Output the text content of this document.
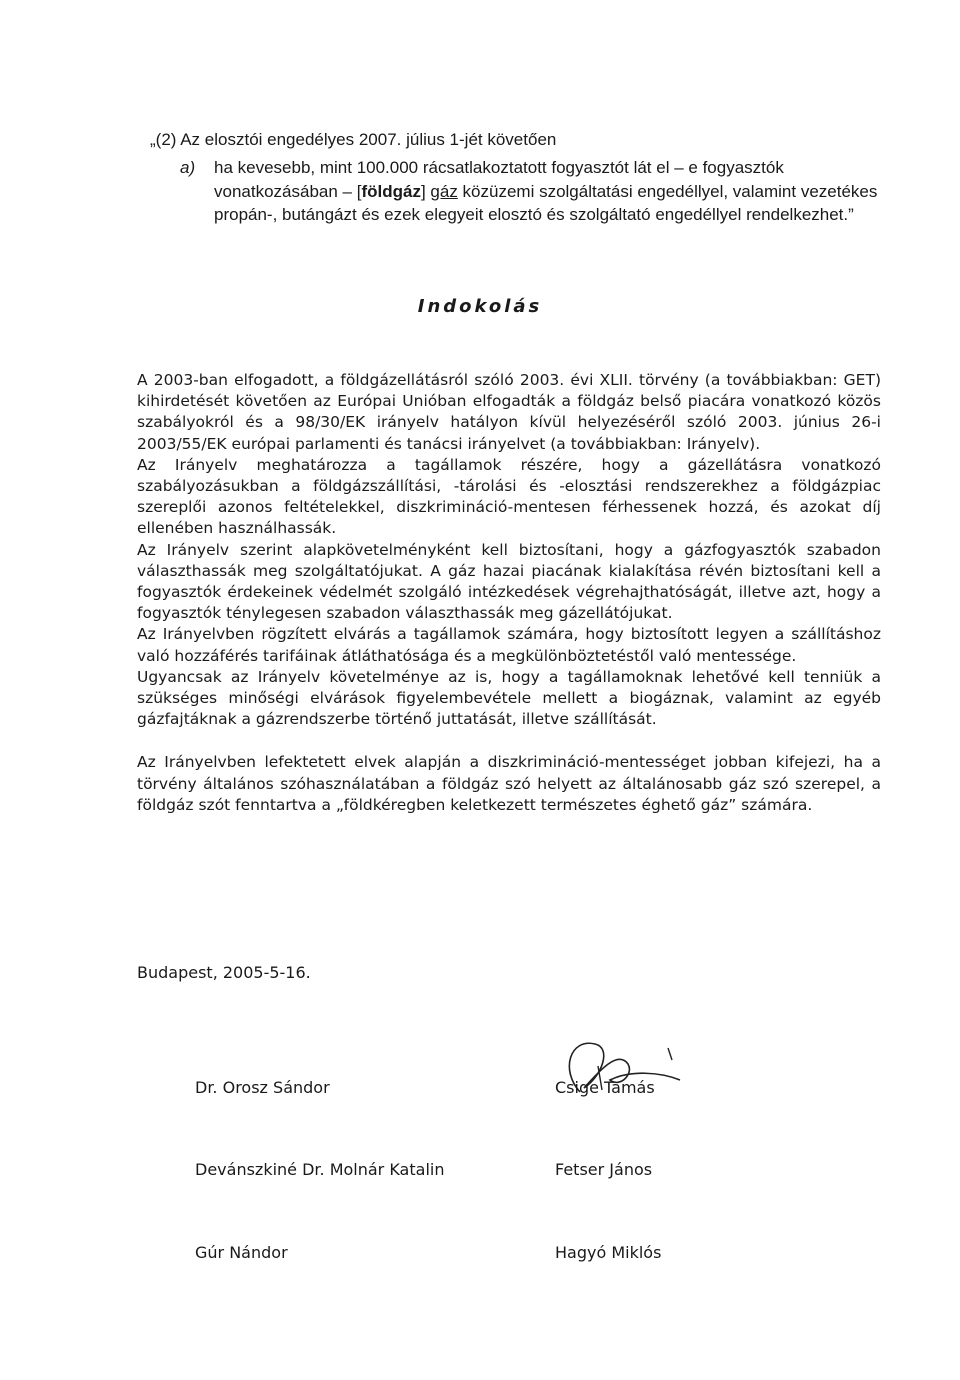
„(2) Az elosztói engedélyes 2007. július 1-jét követően

a)	ha kevesebb, mint 100.000 rácsatlakoztatott fogyasztót lát el – e fogyasztók vonatkozásában – [földgáz] gáz közüzemi szolgáltatási engedéllyel, valamint vezetékes propán-, butángázt és ezek elegyeit elosztó és szolgáltató engedéllyel rendelkezhet.”
Indokolás

A 2003-ban elfogadott, a földgázellátásról szóló 2003. évi XLII. törvény (a továbbiakban: GET) kihirdetését követően az Európai Unióban elfogadták a földgáz belső piacára vonatkozó közös szabályokról és a 98/30/EK irányelv hatályon kívül helyezéséről szóló 2003. június 26-i 2003/55/EK európai parlamenti és tanácsi irányelvet (a továbbiakban: Irányelv).

Az Irányelv meghatározza a tagállamok részére, hogy a gázellátásra vonatkozó szabályozásukban a földgázszállítási, -tárolási és -elosztási rendszerekhez a földgázpiac szereplői azonos feltételekkel, diszkrimináció-mentesen férhessenek hozzá, és azokat díj ellenében használhassák.

Az Irányelv szerint alapkövetelményként kell biztosítani, hogy a gázfogyasztók szabadon választhassák meg szolgáltatójukat. A gáz hazai piacának kialakítása révén biztosítani kell a fogyasztók érdekeinek védelmét szolgáló intézkedések végrehajthatóságát, illetve azt, hogy a fogyasztók ténylegesen szabadon választhassák meg gázellátójukat.

Az Irányelvben rögzített elvárás a tagállamok számára, hogy biztosított legyen a szállításhoz való hozzáférés tarifáinak átláthatósága és a megkülönböztetéstől való mentessége.

Ugyancsak az Irányelv követelménye az is, hogy a tagállamoknak lehetővé kell tenniük a szükséges minőségi elvárások figyelembevétele mellett a biogáznak, valamint az egyéb gázfajtáknak a gázrendszerbe történő juttatását, illetve szállítását.

Az Irányelvben lefektetett elvek alapján a diszkrimináció-mentességet jobban kifejezi, ha a törvény általános szóhasználatában a földgáz szó helyett az általánosabb gáz szó szerepel, a földgáz szót fenntartva a „földkéregben keletkezett természetes éghető gáz” számára.

Budapest, 2005-5-16.

Dr. Orosz Sándor	Csige Tamás
Devánszkiné Dr. Molnár Katalin	Fetser János
Gúr Nándor	Hagyó Miklós
